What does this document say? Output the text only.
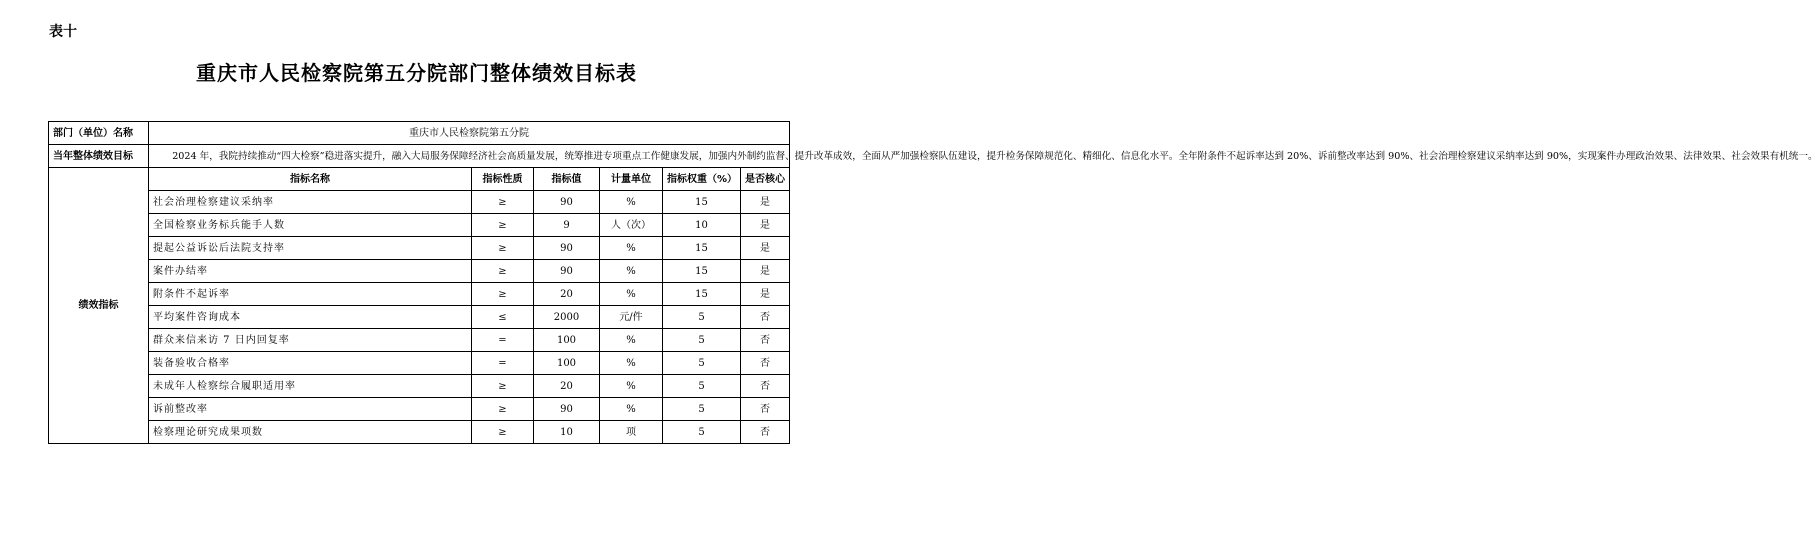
表十
重庆市人民检察院第五分院部门整体绩效目标表
部门（单位）名称	重庆市人民检察院第五分院					
当年整体绩效目标	2024 年，我院持续推动“四大检察”稳进落实提升，融入大局服务保障经济社会高质量发展，统筹推进专项重点工作健康发展，加强内外制约监督、提升改革成效，全面从严加强检察队伍建设，提升检务保障规范化、精细化、信息化水平。全年附条件不起诉率达到 20%、诉前整改率达到 90%、社会治理检察建议采纳率达到 90%，实现案件办理政治效果、法律效果、社会效果有机统一。					
绩效指标	指标名称	指标性质	指标值	计量单位	指标权重（%）	是否核心
	社会治理检察建议采纳率	≥	90	%	15	是
	全国检察业务标兵能手人数	≥	9	人（次）	10	是
	提起公益诉讼后法院支持率	≥	90	%	15	是
	案件办结率	≥	90	%	15	是
	附条件不起诉率	≥	20	%	15	是
	平均案件咨询成本	≤	2000	元/件	5	否
	群众来信来访 7 日内回复率	=	100	%	5	否
	装备验收合格率	=	100	%	5	否
	未成年人检察综合履职适用率	≥	20	%	5	否
	诉前整改率	≥	90	%	5	否
	检察理论研究成果项数	≥	10	项	5	否
